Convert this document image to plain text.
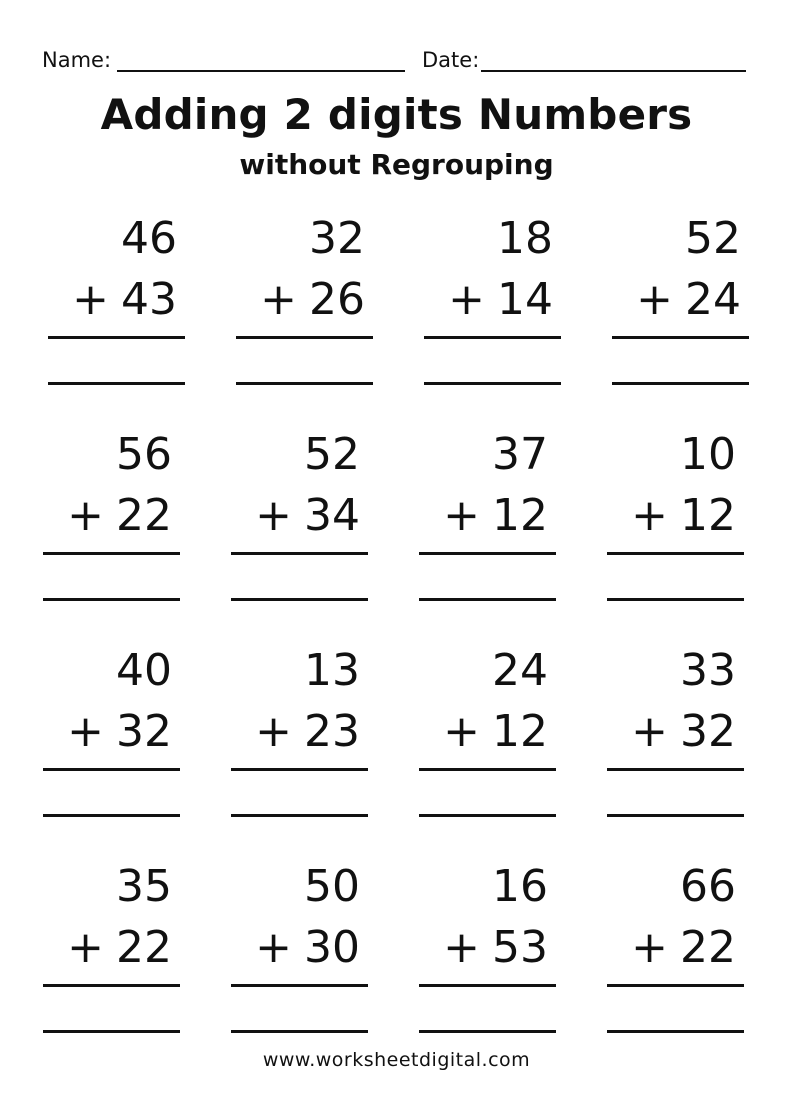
Name:	Date:
Adding 2 digits Numbers
without Regrouping
46
+ 43
32
+ 26
18
+ 14
52
+ 24
56
+ 22
52
+ 34
37
+ 12
10
+ 12
40
+ 32
13
+ 23
24
+ 12
33
+ 32
35
+ 22
50
+ 30
16
+ 53
66
+ 22
www.worksheetdigital.com
